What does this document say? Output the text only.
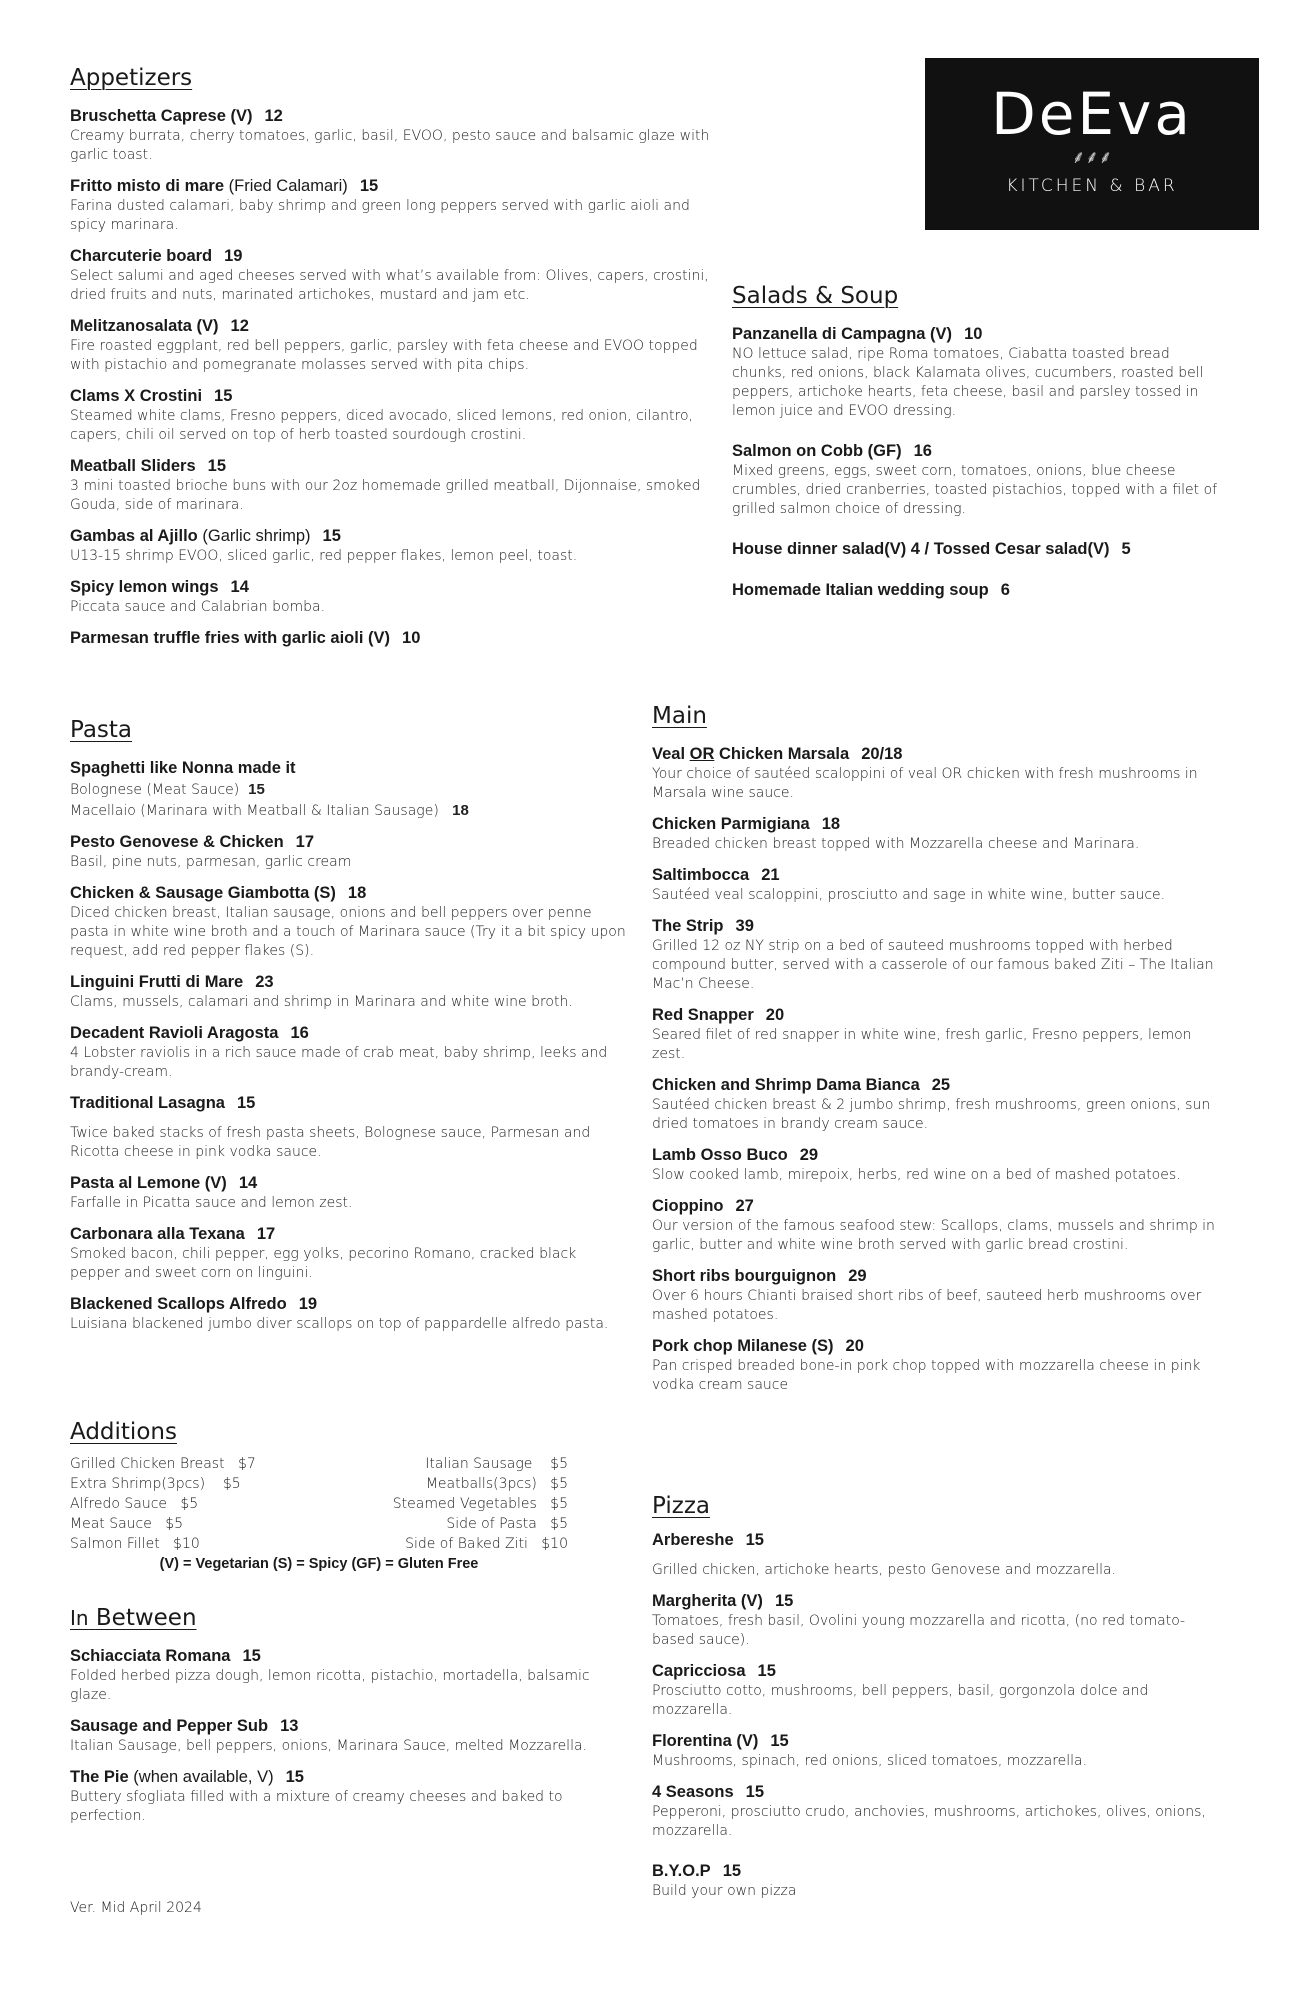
DeEva
⸙⸙⸙
KITCHEN & BAR
Appetizers

Bruschetta Caprese (V) 12

Creamy burrata, cherry tomatoes, garlic, basil, EVOO, pesto sauce and balsamic glaze with garlic toast.

Fritto misto di mare (Fried Calamari) 15

Farina dusted calamari, baby shrimp and green long peppers served with garlic aioli and spicy marinara.

Charcuterie board 19

Select salumi and aged cheeses served with what’s available from: Olives, capers, crostini, dried fruits and nuts, marinated artichokes, mustard and jam etc.

Melitzanosalata (V) 12

Fire roasted eggplant, red bell peppers, garlic, parsley with feta cheese and EVOO topped with pistachio and pomegranate molasses served with pita chips.

Clams X Crostini 15

Steamed white clams, Fresno peppers, diced avocado, sliced lemons, red onion, cilantro, capers, chili oil served on top of herb toasted sourdough crostini.

Meatball Sliders 15

3 mini toasted brioche buns with our 2oz homemade grilled meatball, Dijonnaise, smoked Gouda, side of marinara.

Gambas al Ajillo (Garlic shrimp) 15

U13-15 shrimp EVOO, sliced garlic, red pepper flakes, lemon peel, toast.

Spicy lemon wings 14

Piccata sauce and Calabrian bomba.

Parmesan truffle fries with garlic aioli (V) 10

Salads & Soup

Panzanella di Campagna (V) 10

NO lettuce salad, ripe Roma tomatoes, Ciabatta toasted bread chunks, red onions, black Kalamata olives, cucumbers, roasted bell peppers, artichoke hearts, feta cheese, basil and parsley tossed in lemon juice and EVOO dressing.

Salmon on Cobb (GF) 16

Mixed greens, eggs, sweet corn, tomatoes, onions, blue cheese crumbles, dried cranberries, toasted pistachios, topped with a filet of grilled salmon choice of dressing.

House dinner salad(V) 4 / Tossed Cesar salad(V) 5

Homemade Italian wedding soup 6

Pasta

Spaghetti like Nonna made it

Bolognese (Meat Sauce) 15

Macellaio (Marinara with Meatball & Italian Sausage) 18

Pesto Genovese & Chicken 17

Basil, pine nuts, parmesan, garlic cream

Chicken & Sausage Giambotta (S) 18

Diced chicken breast, Italian sausage, onions and bell peppers over penne pasta in white wine broth and a touch of Marinara sauce (Try it a bit spicy upon request, add red pepper flakes (S).

Linguini Frutti di Mare 23

Clams, mussels, calamari and shrimp in Marinara and white wine broth.

Decadent Ravioli Aragosta 16

4 Lobster raviolis in a rich sauce made of crab meat, baby shrimp, leeks and brandy-cream.

Traditional Lasagna 15

Twice baked stacks of fresh pasta sheets, Bolognese sauce, Parmesan and Ricotta cheese in pink vodka sauce.

Pasta al Lemone (V) 14

Farfalle in Picatta sauce and lemon zest.

Carbonara alla Texana 17

Smoked bacon, chili pepper, egg yolks, pecorino Romano, cracked black pepper and sweet corn on linguini.

Blackened Scallops Alfredo 19

Luisiana blackened jumbo diver scallops on top of pappardelle alfredo pasta.

Additions
Grilled Chicken Breast   $7	Italian Sausage    $5
Extra Shrimp(3pcs)    $5	Meatballs(3pcs)   $5
Alfredo Sauce   $5	Steamed Vegetables   $5
Meat Sauce   $5	Side of Pasta   $5
Salmon Fillet   $10	Side of Baked Ziti   $10
(V) = Vegetarian (S) = Spicy (GF) = Gluten Free
In Between

Schiacciata Romana 15

Folded herbed pizza dough, lemon ricotta, pistachio, mortadella, balsamic glaze.

Sausage and Pepper Sub 13

Italian Sausage, bell peppers, onions, Marinara Sauce, melted Mozzarella.

The Pie (when available, V) 15

Buttery sfogliata filled with a mixture of creamy cheeses and baked to perfection.

Main

Veal OR Chicken Marsala 20/18

Your choice of sautéed scaloppini of veal OR chicken with fresh mushrooms in Marsala wine sauce.

Chicken Parmigiana 18

Breaded chicken breast topped with Mozzarella cheese and Marinara.

Saltimbocca 21

Sautéed veal scaloppini, prosciutto and sage in white wine, butter sauce.

The Strip 39

Grilled 12 oz NY strip on a bed of sauteed mushrooms topped with herbed compound butter, served with a casserole of our famous baked Ziti – The Italian Mac’n Cheese.

Red Snapper 20

Seared filet of red snapper in white wine, fresh garlic, Fresno peppers, lemon zest.

Chicken and Shrimp Dama Bianca 25

Sautéed chicken breast & 2 jumbo shrimp, fresh mushrooms, green onions, sun dried tomatoes in brandy cream sauce.

Lamb Osso Buco 29

Slow cooked lamb, mirepoix, herbs, red wine on a bed of mashed potatoes.

Cioppino 27

Our version of the famous seafood stew: Scallops, clams, mussels and shrimp in garlic, butter and white wine broth served with garlic bread crostini.

Short ribs bourguignon 29

Over 6 hours Chianti braised short ribs of beef, sauteed herb mushrooms over mashed potatoes.

Pork chop Milanese (S) 20

Pan crisped breaded bone-in pork chop topped with mozzarella cheese in pink vodka cream sauce

Pizza

Arbereshe 15

Grilled chicken, artichoke hearts, pesto Genovese and mozzarella.

Margherita (V) 15

Tomatoes, fresh basil, Ovolini young mozzarella and ricotta, (no red tomato-based sauce).

Capricciosa 15

Prosciutto cotto, mushrooms, bell peppers, basil, gorgonzola dolce and mozzarella.

Florentina (V) 15

Mushrooms, spinach, red onions, sliced tomatoes, mozzarella.

4 Seasons 15

Pepperoni, prosciutto crudo, anchovies, mushrooms, artichokes, olives, onions, mozzarella.

B.Y.O.P 15

Build your own pizza

Ver. Mid April 2024
